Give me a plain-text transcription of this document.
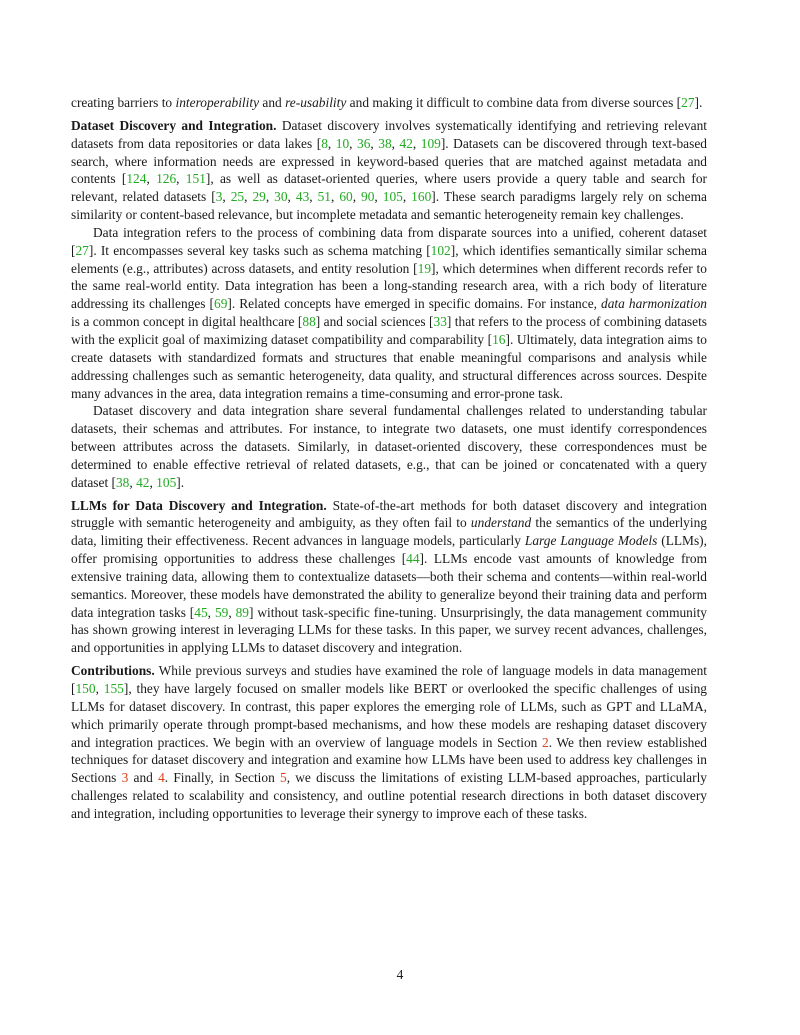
creating barriers to interoperability and re-usability and making it difficult to combine data from diverse sources [27].

Dataset Discovery and Integration. Dataset discovery involves systematically identifying and retrieving relevant datasets from data repositories or data lakes [8, 10, 36, 38, 42, 109]. Datasets can be discovered through text-based search, where information needs are expressed in keyword-based queries that are matched against metadata and contents [124, 126, 151], as well as dataset-oriented queries, where users provide a query table and search for relevant, related datasets [3, 25, 29, 30, 43, 51, 60, 90, 105, 160]. These search paradigms largely rely on schema similarity or content-based relevance, but incomplete metadata and semantic heterogeneity remain key challenges.

Data integration refers to the process of combining data from disparate sources into a unified, coherent dataset [27]. It encompasses several key tasks such as schema matching [102], which identifies semantically similar schema elements (e.g., attributes) across datasets, and entity resolution [19], which determines when different records refer to the same real-world entity. Data integration has been a long-standing research area, with a rich body of literature addressing its challenges [69]. Related concepts have emerged in specific domains. For instance, data harmonization is a common concept in digital healthcare [88] and social sciences [33] that refers to the process of combining datasets with the explicit goal of maximizing dataset compatibility and comparability [16]. Ultimately, data integration aims to create datasets with standardized formats and structures that enable meaningful comparisons and analysis while addressing challenges such as semantic heterogeneity, data quality, and structural differences across sources. Despite many advances in the area, data integration remains a time-consuming and error-prone task.

Dataset discovery and data integration share several fundamental challenges related to understanding tabular datasets, their schemas and attributes. For instance, to integrate two datasets, one must identify correspondences between attributes across the datasets. Similarly, in dataset-oriented discovery, these correspondences must be determined to enable effective retrieval of related datasets, e.g., that can be joined or concatenated with a query dataset [38, 42, 105].

LLMs for Data Discovery and Integration. State-of-the-art methods for both dataset discovery and integration struggle with semantic heterogeneity and ambiguity, as they often fail to understand the semantics of the underlying data, limiting their effectiveness. Recent advances in language models, particularly Large Language Models (LLMs), offer promising opportunities to address these challenges [44]. LLMs encode vast amounts of knowledge from extensive training data, allowing them to contextualize datasets—both their schema and contents—within real-world semantics. Moreover, these models have demonstrated the ability to generalize beyond their training data and perform data integration tasks [45, 59, 89] without task-specific fine-tuning. Unsurprisingly, the data management community has shown growing interest in leveraging LLMs for these tasks. In this paper, we survey recent advances, challenges, and opportunities in applying LLMs to dataset discovery and integration.

Contributions. While previous surveys and studies have examined the role of language models in data management [150, 155], they have largely focused on smaller models like BERT or overlooked the specific challenges of using LLMs for dataset discovery. In contrast, this paper explores the emerging role of LLMs, such as GPT and LLaMA, which primarily operate through prompt-based mechanisms, and how these models are reshaping dataset discovery and integration practices. We begin with an overview of language models in Section 2. We then review established techniques for dataset discovery and integration and examine how LLMs have been used to address key challenges in Sections 3 and 4. Finally, in Section 5, we discuss the limitations of existing LLM-based approaches, particularly challenges related to scalability and consistency, and outline potential research directions in both dataset discovery and integration, including opportunities to leverage their synergy to improve each of these tasks.

4
